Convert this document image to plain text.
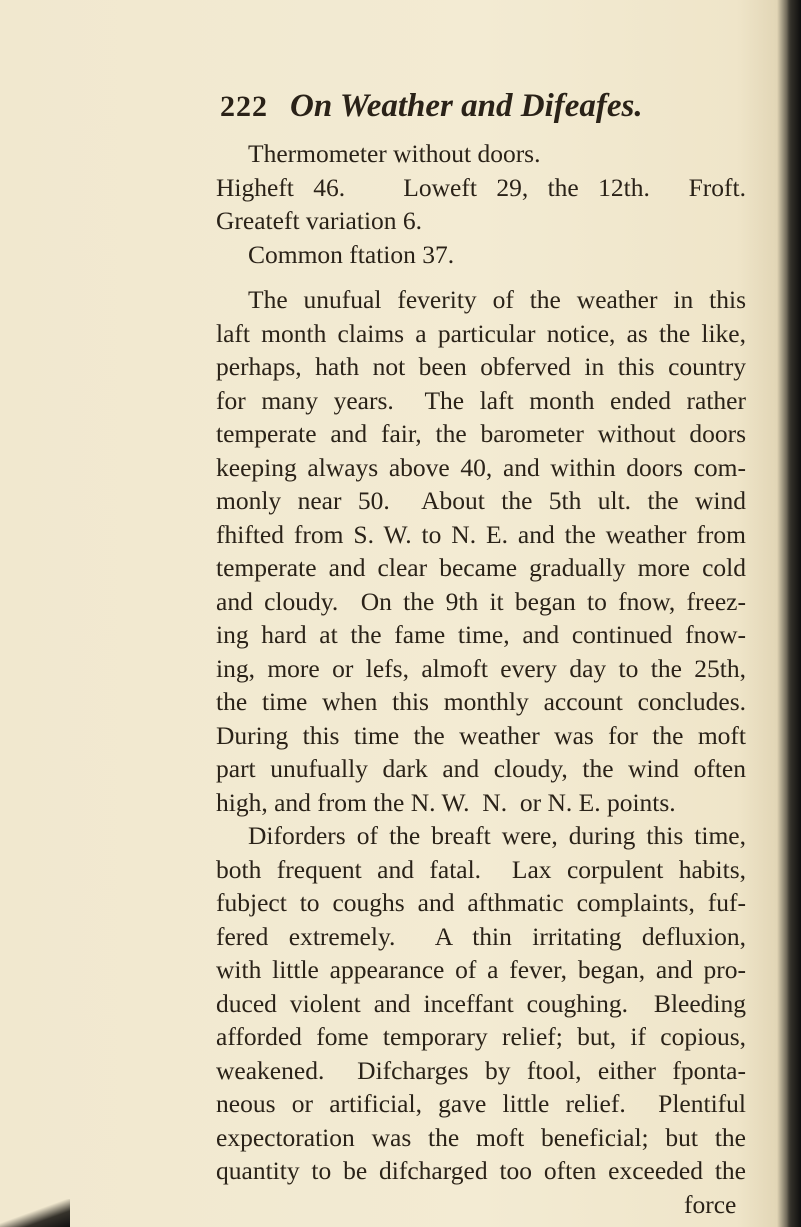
222 On Weather and Difeafes.
Thermometer without doors.
Higheft 46.   Loweft 29, the 12th.  Froft.
Greateft variation 6.
Common ftation 37.
The unufual feverity of the weather in this
laft month claims a particular notice, as the like,
perhaps, hath not been obferved in this country
for many years.  The laft month ended rather
temperate and fair, the barometer without doors
keeping always above 40, and within doors com-
monly near 50.  About the 5th ult. the wind
fhifted from S. W. to N. E. and the weather from
temperate and clear became gradually more cold
and cloudy.  On the 9th it began to fnow, freez-
ing hard at the fame time, and continued fnow-
ing, more or lefs, almoft every day to the 25th,
the time when this monthly account concludes.
During this time the weather was for the moft
part unufually dark and cloudy, the wind often
high, and from the N. W.  N.  or N. E. points.
Diforders of the breaft were, during this time,
both frequent and fatal.  Lax corpulent habits,
fubject to coughs and afthmatic complaints, fuf-
fered extremely.  A thin irritating defluxion,
with little appearance of a fever, began, and pro-
duced violent and inceffant coughing.  Bleeding
afforded fome temporary relief; but, if copious,
weakened.  Difcharges by ftool, either fponta-
neous or artificial, gave little relief.  Plentiful
expectoration was the moft beneficial; but the
quantity to be difcharged too often exceeded the
force
